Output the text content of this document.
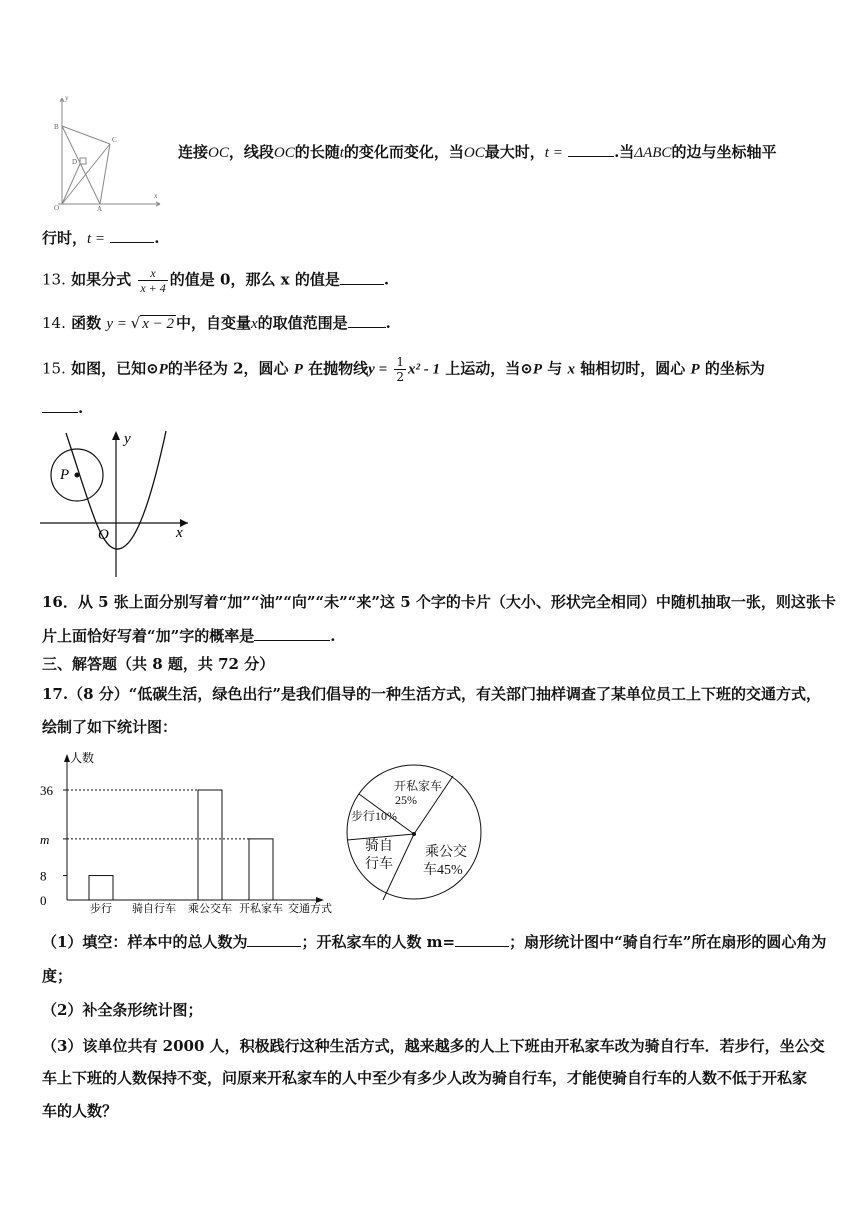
y
B
C
D
O	A
x
连接OC，线段OC的长随t的变化而变化，当OC最大时，t =	.当ΔABC的边与坐标轴平
行时，t =	.
13. 如果分式 $\frac{x}{x + 4}$ 的值是 0，那么 x 的值是	.
14. 函数 y = √ x − 2 中，自变量x的取值范围是	.
15. 如图，已知⊙P的半径为 2，圆心 P 在抛物线$y = \frac{1}{2} x^2 - 1$ 上运动，当⊙P 与 x 轴相切时，圆心 P 的坐标为
.
y
x
O
P
16．从 5 张上面分别写着“加”“油”“向”“未”“来”这 5 个字的卡片（大小、形状完全相同）中随机抽取一张，则这张卡
片上面恰好写着“加”字的概率是	.
三、解答题（共 8 题，共 72 分）
17.（8 分）“低碳生活，绿色出行”是我们倡导的一种生活方式，有关部门抽样调查了某单位员工上下班的交通方式，
绘制了如下统计图：
人数
交通方式
0
8
m
36
步行 骑自行车 乘公交车 开私家车
开私家车
25%
步行10%
骑自
行车
乘公交
车45%
（1）填空：样本中的总人数为	；开私家车的人数 m=	；扇形统计图中“骑自行车”所在扇形的圆心角为
度；
（2）补全条形统计图；
（3）该单位共有 2000 人，积极践行这种生活方式，越来越多的人上下班由开私家车改为骑自行车．若步行，坐公交
车上下班的人数保持不变，问原来开私家车的人中至少有多少人改为骑自行车，才能使骑自行车的人数不低于开私家
车的人数？
